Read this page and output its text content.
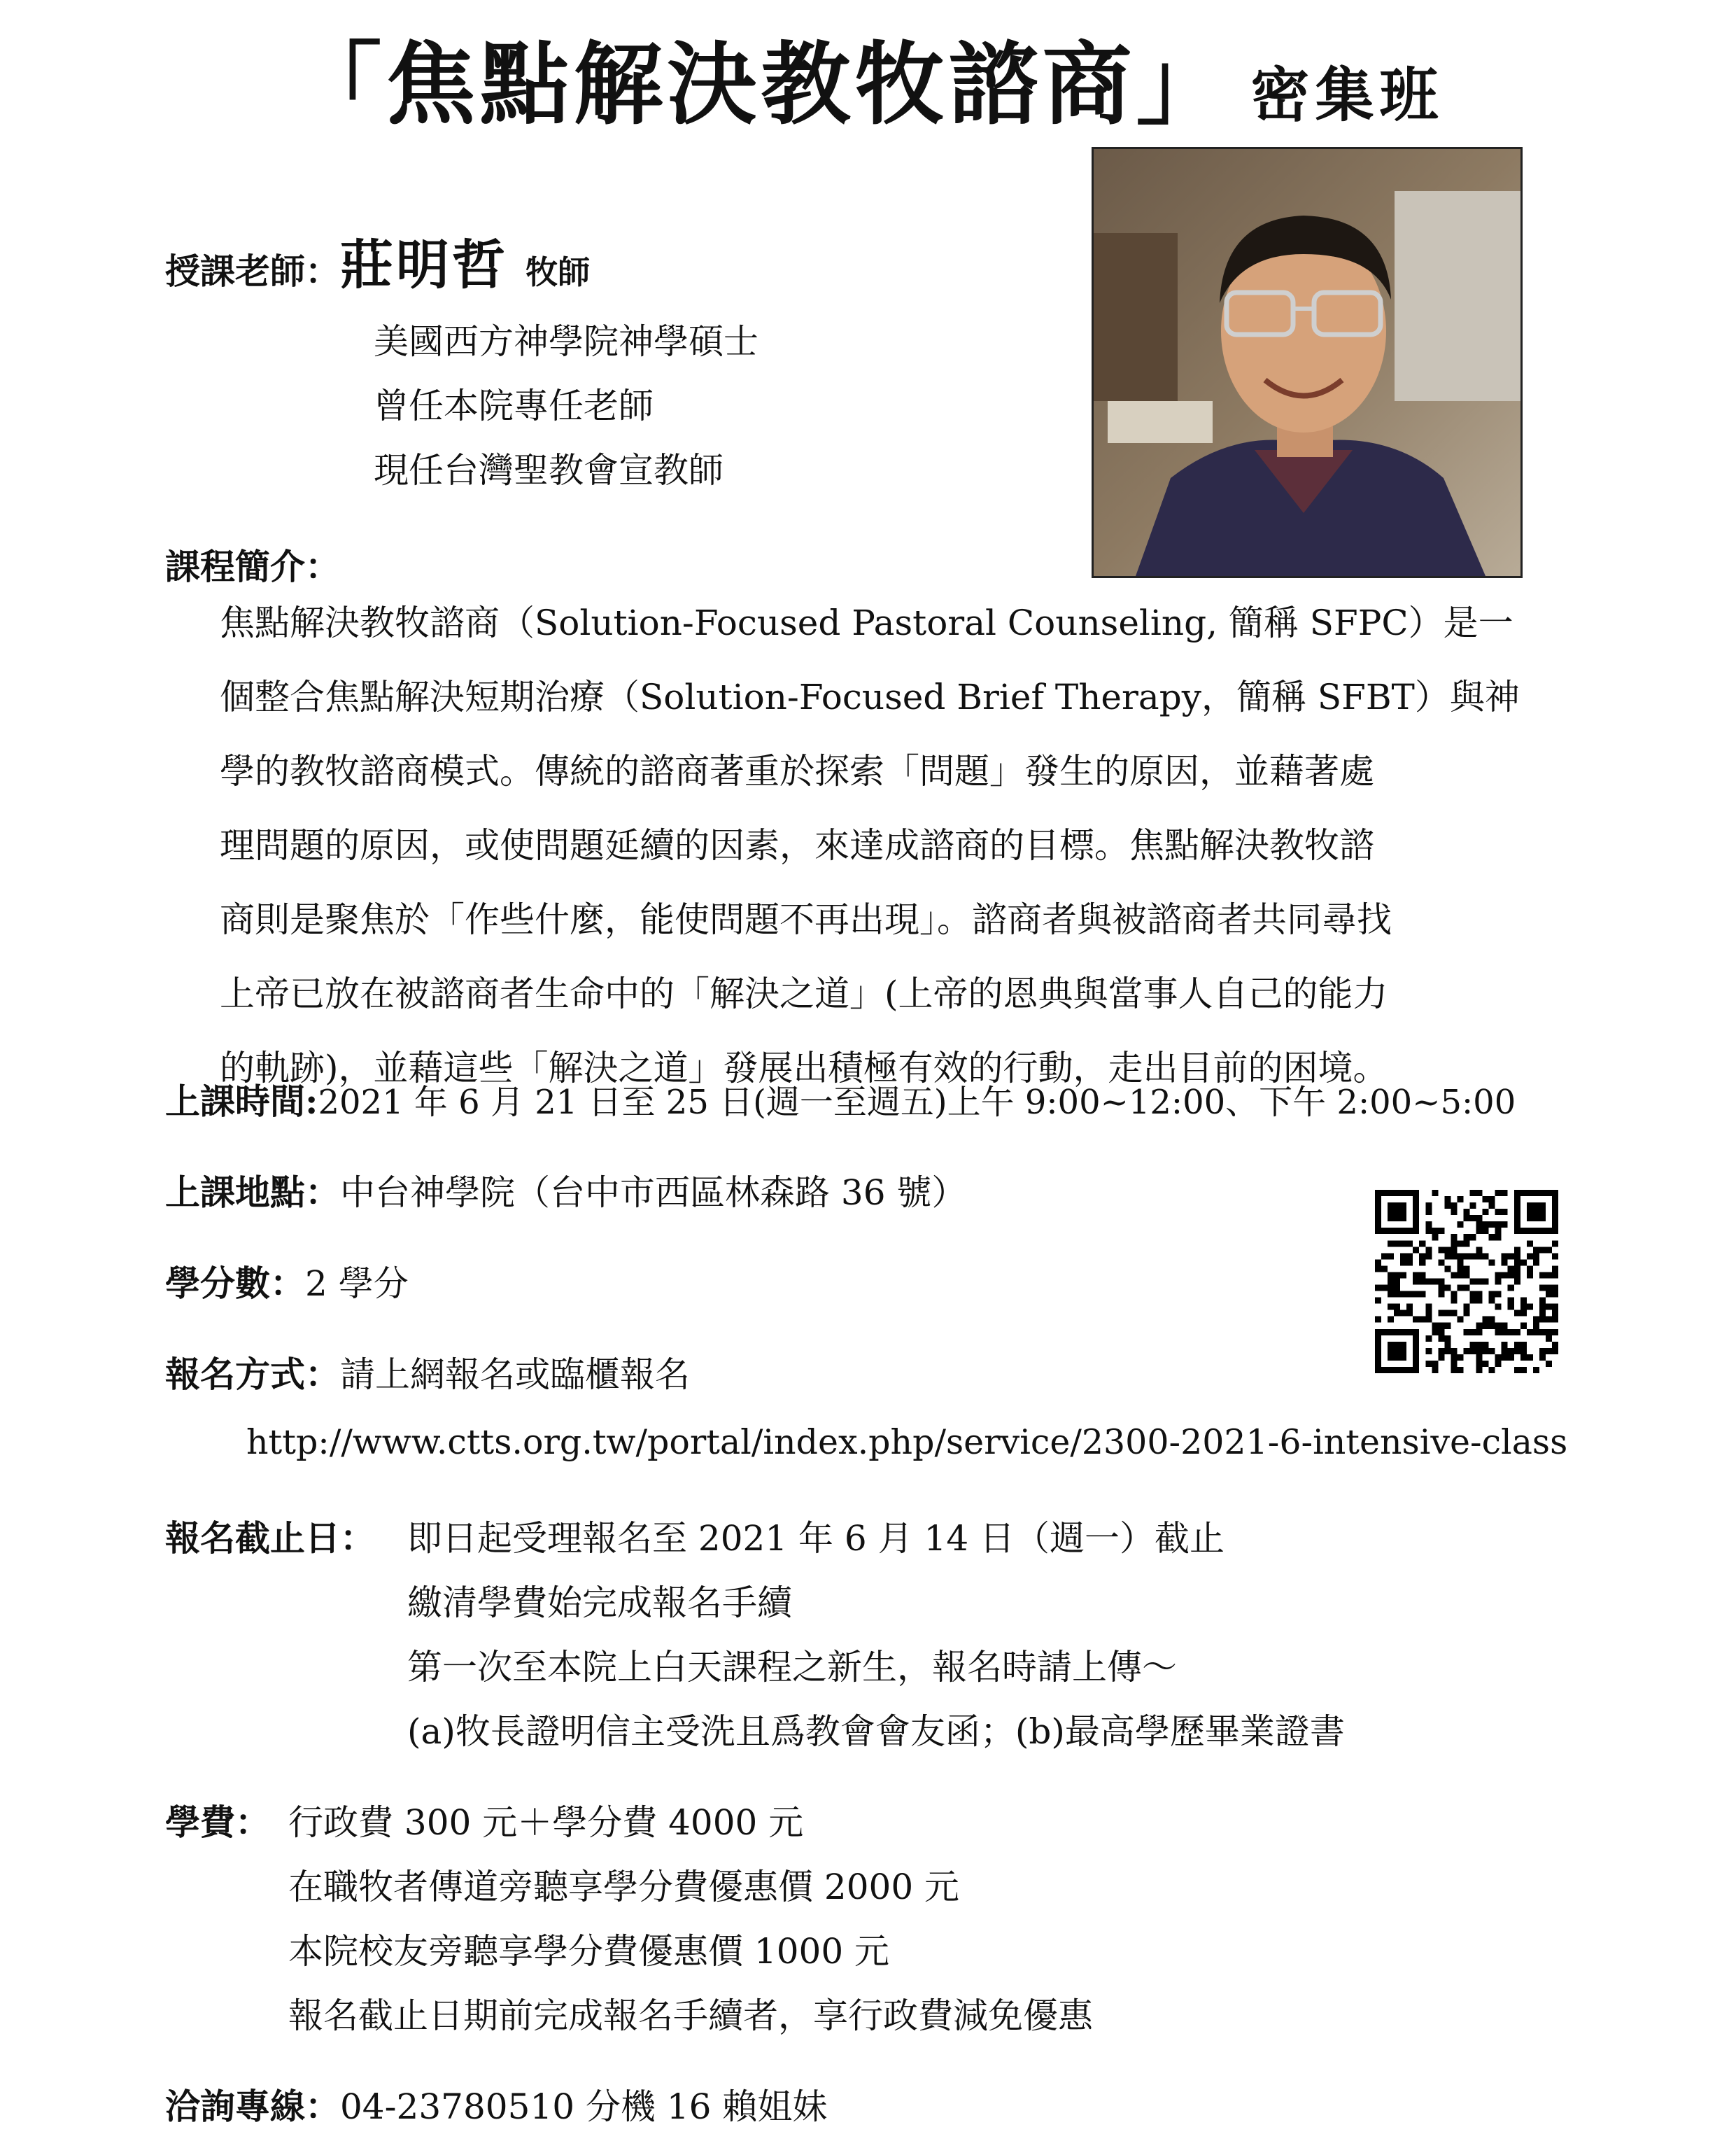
「焦點解決教牧諮商」 密集班
授課老師：莊明哲 牧師
美國西方神學院神學碩士
曾任本院專任老師
現任台灣聖教會宣教師
課程簡介：
焦點解決教牧諮商（Solution-Focused Pastoral Counseling, 簡稱 SFPC）是一
個整合焦點解決短期治療（Solution-Focused Brief Therapy，簡稱 SFBT）與神
學的教牧諮商模式。傳統的諮商著重於探索「問題」發生的原因，並藉著處
理問題的原因，或使問題延續的因素，來達成諮商的目標。焦點解決教牧諮
商則是聚焦於「作些什麼，能使問題不再出現」。諮商者與被諮商者共同尋找
上帝已放在被諮商者生命中的「解決之道」(上帝的恩典與當事人自己的能力
的軌跡)，並藉這些「解決之道」發展出積極有效的行動，走出目前的困境。
上課時間:2021 年 6 月 21 日至 25 日(週一至週五)上午 9:00~12:00、下午 2:00~5:00
上課地點：中台神學院（台中市西區林森路 36 號）
學分數：2 學分
報名方式：請上網報名或臨櫃報名
http://www.ctts.org.tw/portal/index.php/service/2300-2021-6-intensive-class
報名截止日： 即日起受理報名至 2021 年 6 月 14 日（週一）截止
繳清學費始完成報名手續
第一次至本院上白天課程之新生，報名時請上傳～
(a)牧長證明信主受洗且爲教會會友函；(b)最高學歷畢業證書
學費： 行政費 300 元＋學分費 4000 元
在職牧者傳道旁聽享學分費優惠價 2000 元
本院校友旁聽享學分費優惠價 1000 元
報名截止日期前完成報名手續者，享行政費減免優惠
洽詢專線：04-23780510 分機 16 賴姐妹
